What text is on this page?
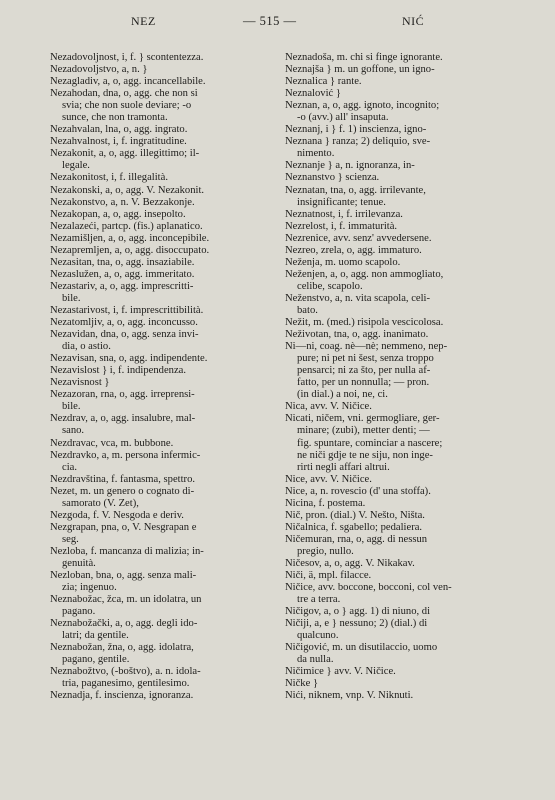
NEZ	— 515 —	NIĆ
Nezadovoljnost, i, f. } scontentezza.
Nezadovoljstvo, a, n. }
Nezagladiv, a, o, agg. incancellabile.
Nezahodan, dna, o, agg. che non si
svia; che non suole deviare; -o
sunce, che non tramonta.
Nezahvalan, lna, o, agg. ingrato.
Nezahvalnost, i, f. ingratitudine.
Nezakonit, a, o, agg. illegittimo; il-
legale.
Nezakonitost, i, f. illegalità.
Nezakonski, a, o, agg. V. Nezakonit.
Nezakonstvo, a, n. V. Bezzakonje.
Nezakopan, a, o, agg. insepolto.
Nezalazeći, partcp. (fis.) aplanatico.
Nezamišljen, a, o, agg. inconcepibile.
Nezapremljen, a, o, agg. disoccupato.
Nezasitan, tna, o, agg. insaziabile.
Nezaslužen, a, o, agg. immeritato.
Nezastariv, a, o, agg. imprescritti-
bile.
Nezastarivost, i, f. imprescrittibilità.
Nezatomljiv, a, o, agg. inconcusso.
Nezavidan, dna, o, agg. senza invi-
dia, o astio.
Nezavisan, sna, o, agg. indipendente.
Nezavislost } i, f. indipendenza.
Nezavisnost }
Nezazoran, rna, o, agg. irreprensi-
bile.
Nezdrav, a, o, agg. insalubre, mal-
sano.
Nezdravac, vca, m. bubbone.
Nezdravko, a, m. persona infermic-
cia.
Nezdravština, f. fantasma, spettro.
Nezet, m. un genero o cognato di-
samorato (V. Zet),
Nezgoda, f. V. Nesgoda e deriv.
Nezgrapan, pna, o, V. Nesgrapan e
seg.
Nezloba, f. mancanza di malizia; in-
genuità.
Nezloban, bna, o, agg. senza mali-
zia; ingenuo.
Neznabožac, žca, m. un idolatra, un
pagano.
Neznabožački, a, o, agg. degli ido-
latri; da gentile.
Neznabožan, žna, o, agg. idolatra,
pagano, gentile.
Neznabožtvo, (-boštvo), a. n. idola-
tria, paganesimo, gentilesimo.
Neznadja, f. inscienza, ignoranza.
Neznadoša, m. chi si finge ignorante.
Neznajša } m. un goffone, un igno-
Neznalica } rante.
Neznalović }
Neznan, a, o, agg. ignoto, incognito;
-o (avv.) all' insaputa.
Neznanj, i } f. 1) inscienza, igno-
Neznana } ranza; 2) deliquio, sve-
nimento.
Neznanje } a, n. ignoranza, in-
Neznanstvo } scienza.
Neznatan, tna, o, agg. irrilevante,
insignificante; tenue.
Neznatnost, i, f. irrilevanza.
Nezrelost, i, f. immaturità.
Nezrenice, avv. senz' avvedersene.
Nezreo, zrela, o, agg. immaturo.
Neženja, m. uomo scapolo.
Neženjen, a, o, agg. non ammogliato,
celibe, scapolo.
Neženstvo, a, n. vita scapola, celi-
bato.
Nežit, m. (med.) risipola vescicolosa.
Neživotan, tna, o, agg. inanimato.
Ni—ni, coag. nè—nè; nemmeno, nep-
pure; ni pet ni šest, senza troppo
pensarci; ni za što, per nulla af-
fatto, per un nonnulla; — pron.
(in dial.) a noi, ne, ci.
Nica, avv. V. Ničice.
Nicati, ničem, vni. germogliare, ger-
minare; (zubi), metter denti; —
fig. spuntare, cominciar a nascere;
ne niči gdje te ne siju, non inge-
rirti negli affari altrui.
Nice, avv. V. Ničice.
Nice, a, n. rovescio (d' una stoffa).
Nicina, f. postema.
Nič, pron. (dial.) V. Nešto, Ništa.
Ničalnica, f. sgabello; pedaliera.
Ničemuran, rna, o, agg. di nessun
pregio, nullo.
Ničesov, a, o, agg. V. Nikakav.
Niči, ä, mpl. filacce.
Ničice, avv. boccone, bocconi, col ven-
tre a terra.
Ničigov, a, o } agg. 1) di niuno, di
Ničiji, a, e } nessuno; 2) (dial.) di
qualcuno.
Ničigović, m. un disutilaccio, uomo
da nulla.
Ničimice } avv. V. Ničice.
Ničke }
Nići, niknem, vnp. V. Niknuti.
